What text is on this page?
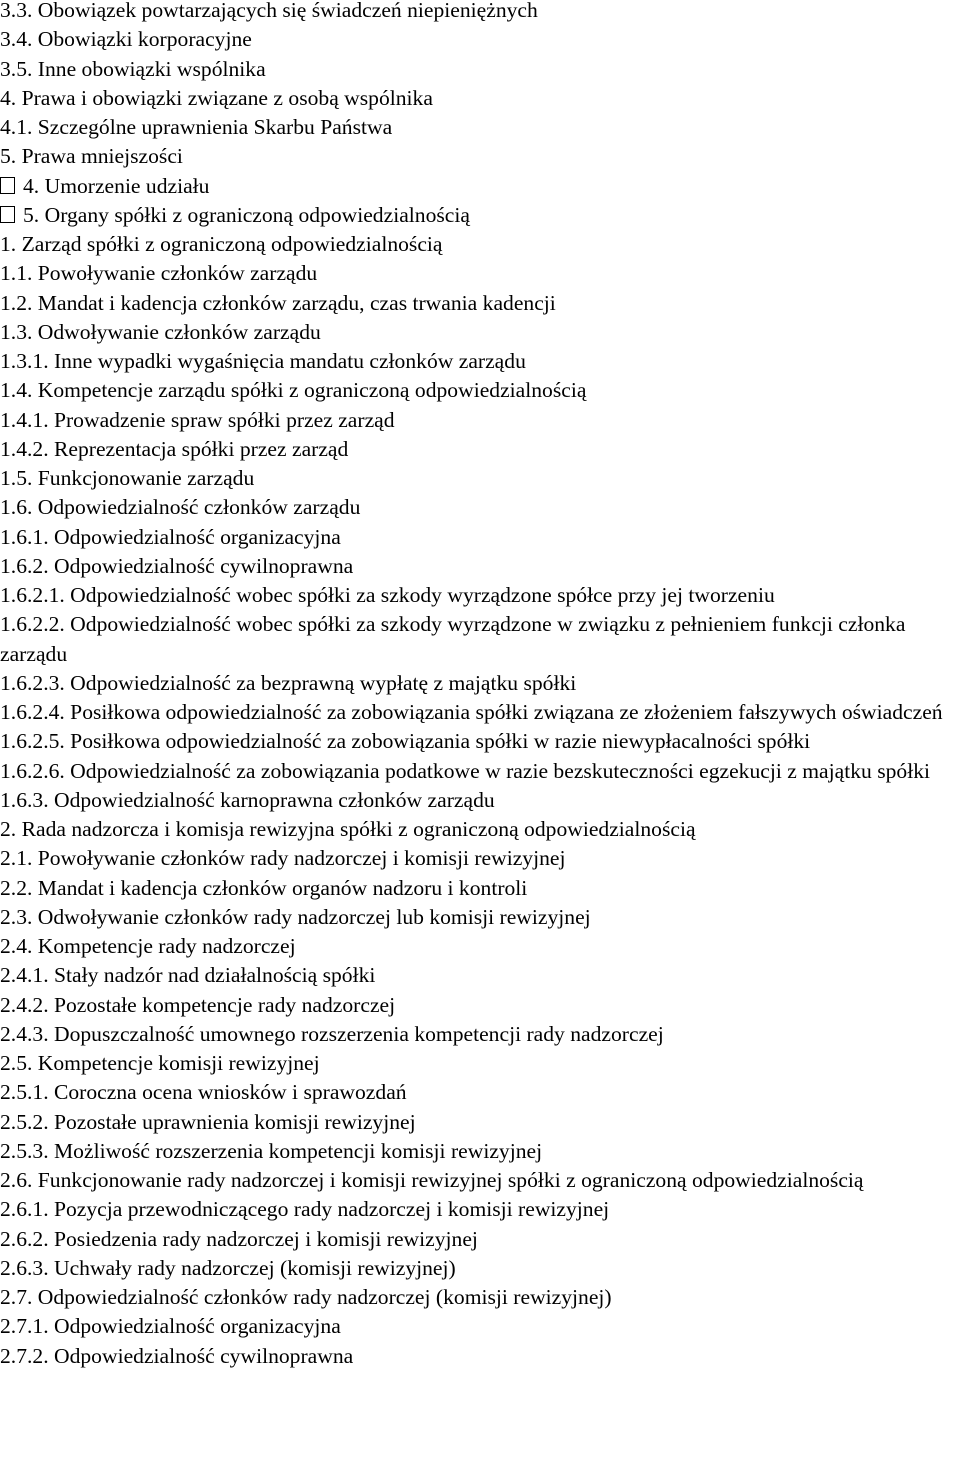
3.3. Obowiązek powtarzających się świadczeń niepieniężnych
3.4. Obowiązki korporacyjne
3.5. Inne obowiązki wspólnika
4. Prawa i obowiązki związane z osobą wspólnika
4.1. Szczególne uprawnienia Skarbu Państwa
5. Prawa mniejszości
4. Umorzenie udziału
5. Organy spółki z ograniczoną odpowiedzialnością
1. Zarząd spółki z ograniczoną odpowiedzialnością
1.1. Powoływanie członków zarządu
1.2. Mandat i kadencja członków zarządu, czas trwania kadencji
1.3. Odwoływanie członków zarządu
1.3.1. Inne wypadki wygaśnięcia mandatu członków zarządu
1.4. Kompetencje zarządu spółki z ograniczoną odpowiedzialnością
1.4.1. Prowadzenie spraw spółki przez zarząd
1.4.2. Reprezentacja spółki przez zarząd
1.5. Funkcjonowanie zarządu
1.6. Odpowiedzialność członków zarządu
1.6.1. Odpowiedzialność organizacyjna
1.6.2. Odpowiedzialność cywilnoprawna
1.6.2.1. Odpowiedzialność wobec spółki za szkody wyrządzone spółce przy jej tworzeniu
1.6.2.2. Odpowiedzialność wobec spółki za szkody wyrządzone w związku z pełnieniem funkcji członka zarządu
1.6.2.3. Odpowiedzialność za bezprawną wypłatę z majątku spółki
1.6.2.4. Posiłkowa odpowiedzialność za zobowiązania spółki związana ze złożeniem fałszywych oświadczeń
1.6.2.5. Posiłkowa odpowiedzialność za zobowiązania spółki w razie niewypłacalności spółki
1.6.2.6. Odpowiedzialność za zobowiązania podatkowe w razie bezskuteczności egzekucji z majątku spółki
1.6.3. Odpowiedzialność karnoprawna członków zarządu
2. Rada nadzorcza i komisja rewizyjna spółki z ograniczoną odpowiedzialnością
2.1. Powoływanie członków rady nadzorczej i komisji rewizyjnej
2.2. Mandat i kadencja członków organów nadzoru i kontroli
2.3. Odwoływanie członków rady nadzorczej lub komisji rewizyjnej
2.4. Kompetencje rady nadzorczej
2.4.1. Stały nadzór nad działalnością spółki
2.4.2. Pozostałe kompetencje rady nadzorczej
2.4.3. Dopuszczalność umownego rozszerzenia kompetencji rady nadzorczej
2.5. Kompetencje komisji rewizyjnej
2.5.1. Coroczna ocena wniosków i sprawozdań
2.5.2. Pozostałe uprawnienia komisji rewizyjnej
2.5.3. Możliwość rozszerzenia kompetencji komisji rewizyjnej
2.6. Funkcjonowanie rady nadzorczej i komisji rewizyjnej spółki z ograniczoną odpowiedzialnością
2.6.1. Pozycja przewodniczącego rady nadzorczej i komisji rewizyjnej
2.6.2. Posiedzenia rady nadzorczej i komisji rewizyjnej
2.6.3. Uchwały rady nadzorczej (komisji rewizyjnej)
2.7. Odpowiedzialność członków rady nadzorczej (komisji rewizyjnej)
2.7.1. Odpowiedzialność organizacyjna
2.7.2. Odpowiedzialność cywilnoprawna
